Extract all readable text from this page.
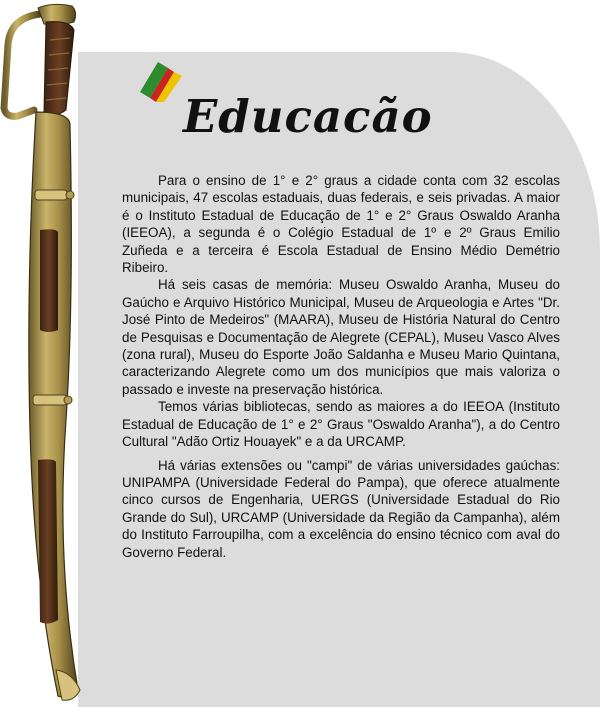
Educacão

Para o ensino de 1° e 2° graus a cidade conta com 32 escolas municipais, 47 escolas estaduais, duas federais, e seis privadas. A maior é o Instituto Estadual de Educação de 1° e 2° Graus Oswaldo Aranha (IEEOA), a segunda é o Colégio Estadual de 1º e 2º Graus Emilio Zuñeda e a terceira é Escola Estadual de Ensino Médio Demétrio Ribeiro.

Há seis casas de memória: Museu Oswaldo Aranha, Museu do Gaúcho e Arquivo Histórico Municipal, Museu de Arqueologia e Artes "Dr. José Pinto de Medeiros" (MAARA), Museu de História Natural do Centro de Pesquisas e Documentação de Alegrete (CEPAL), Museu Vasco Alves (zona rural), Museu do Esporte João Saldanha e Museu Mario Quintana, caracterizando Alegrete como um dos municípios que mais valoriza o passado e investe na preservação histórica.

Temos várias bibliotecas, sendo as maiores a do IEEOA (Instituto Estadual de Educação de 1° e 2° Graus "Oswaldo Aranha"), a do Centro Cultural "Adão Ortiz Houayek" e a da URCAMP.

Há várias extensões ou "campi" de várias universidades gaúchas: UNIPAMPA (Universidade Federal do Pampa), que oferece atualmente cinco cursos de Engenharia, UERGS (Universidade Estadual do Rio Grande do Sul), URCAMP (Universidade da Região da Campanha), além do Instituto Farroupilha, com a excelência do ensino técnico com aval do Governo Federal.
